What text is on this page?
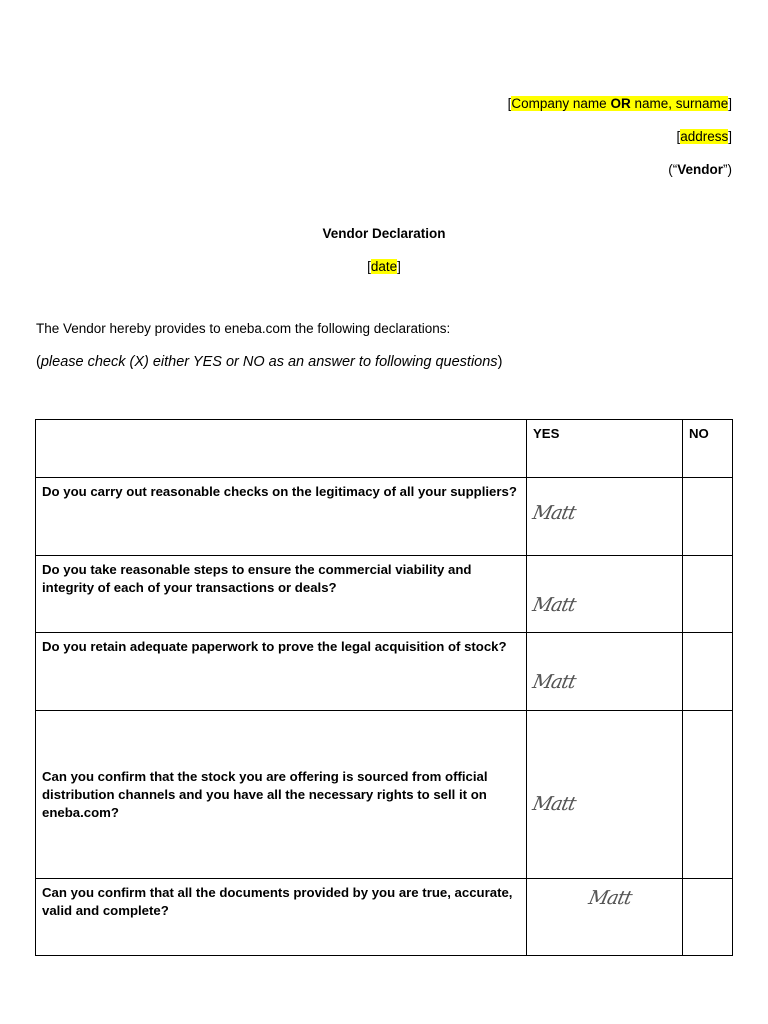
[Company name OR name, surname]
[address]
(“Vendor”)
Vendor Declaration
[date]
The Vendor hereby provides to eneba.com the following declarations:
(please check (X) either YES or NO as an answer to following questions)
	YES	NO
Do you carry out reasonable checks on the legitimacy of all your suppliers?	Matt	

Do you take reasonable steps to ensure the commercial viability and integrity of each of your transactions or deals?	Matt	

Do you retain adequate paperwork to prove the legal acquisition of stock?	Matt	

Can you confirm that the stock you are offering is sourced from official distribution channels and you have all the necessary rights to sell it on eneba.com?	Matt	

Can you confirm that all the documents provided by you are true, accurate, valid and complete?	Matt	
